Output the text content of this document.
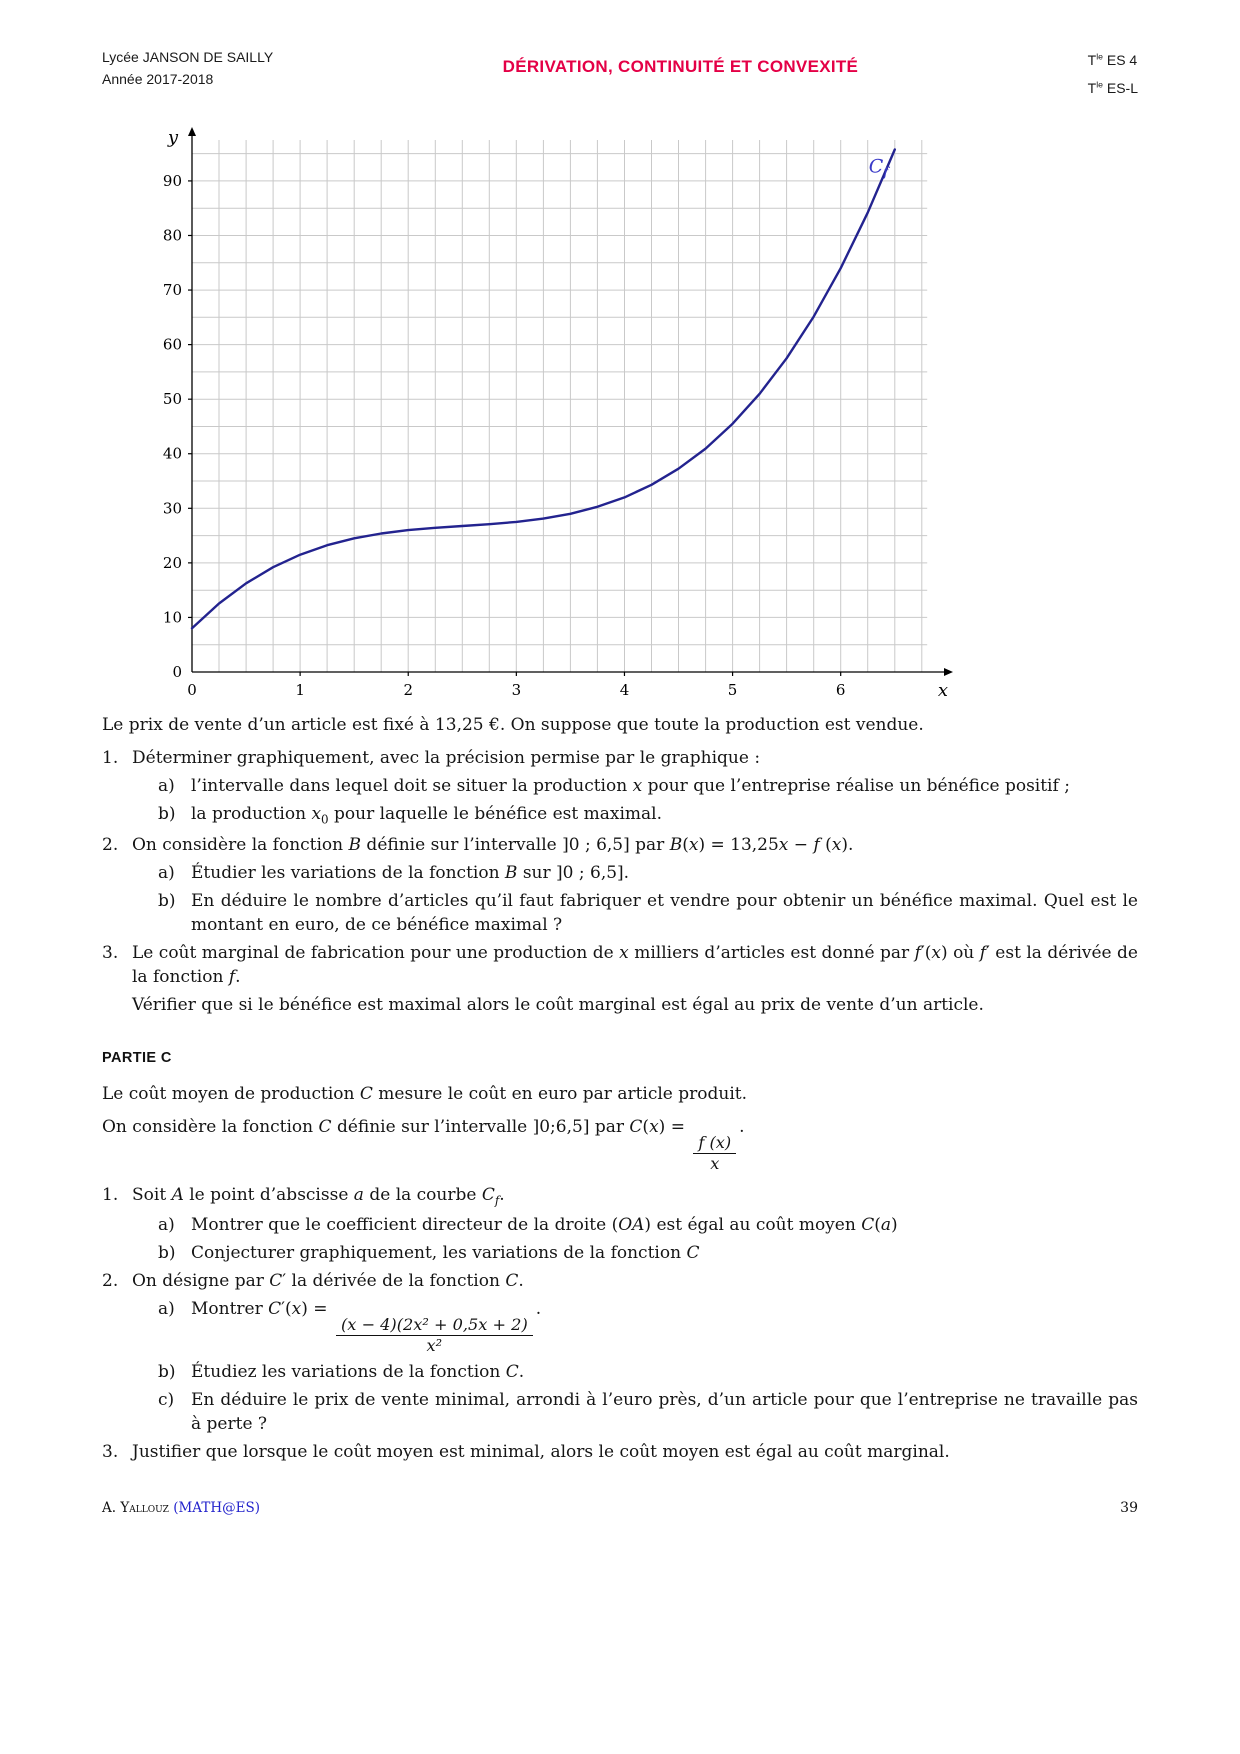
Lycée JANSON DE SAILLY
Année 2017-2018
DÉRIVATION, CONTINUITÉ ET CONVEXITÉ	$T^{le}$ ES 4
$T^{le}$ ES-L
0	1	2	3	4	5	6
0
10
20
30
40
50
60
70
80
90
x
y
$C_f$

Le prix de vente d’un article est fixé à 13,25 €. On suppose que toute la production est vendue.

1. Déterminer graphiquement, avec la précision permise par le graphique :
a) l’intervalle dans lequel doit se situer la production x pour que l’entreprise réalise un bénéfice positif ;
b) la production $x_0$ pour laquelle le bénéfice est maximal.
2. On considère la fonction B définie sur l’intervalle ]0 ; 6,5] par B(x) = 13,25x − f (x).
a) Étudier les variations de la fonction B sur ]0 ; 6,5].
b) En déduire le nombre d’articles qu’il faut fabriquer et vendre pour obtenir un bénéfice maximal. Quel est le montant en euro, de ce bénéfice maximal ?
3. Le coût marginal de fabrication pour une production de x milliers d’articles est donné par f′(x) où f′ est la dérivée de la fonction f.
Vérifier que si le bénéfice est maximal alors le coût marginal est égal au prix de vente d’un article.
PARTIE C

Le coût moyen de production C mesure le coût en euro par article produit.

On considère la fonction C définie sur l’intervalle ]0;6,5] par C(x) =
$\frac{f (x)}{x}$
.

1. Soit A le point d’abscisse a de la courbe $C_f$.
a) Montrer que le coefficient directeur de la droite (OA) est égal au coût moyen C(a)
b) Conjecturer graphiquement, les variations de la fonction C
2. On désigne par C′ la dérivée de la fonction C.
a) Montrer C′(x) =
$\frac{\text{(x − 4)(2x² + 0,5x + 2)}}{\text{x²}}$
.
b) Étudiez les variations de la fonction C.
c) En déduire le prix de vente minimal, arrondi à l’euro près, d’un article pour que l’entreprise ne travaille pas à perte ?
3. Justifier que lorsque le coût moyen est minimal, alors le coût moyen est égal au coût marginal.
A. Yallouz (MATH@ES)	39
